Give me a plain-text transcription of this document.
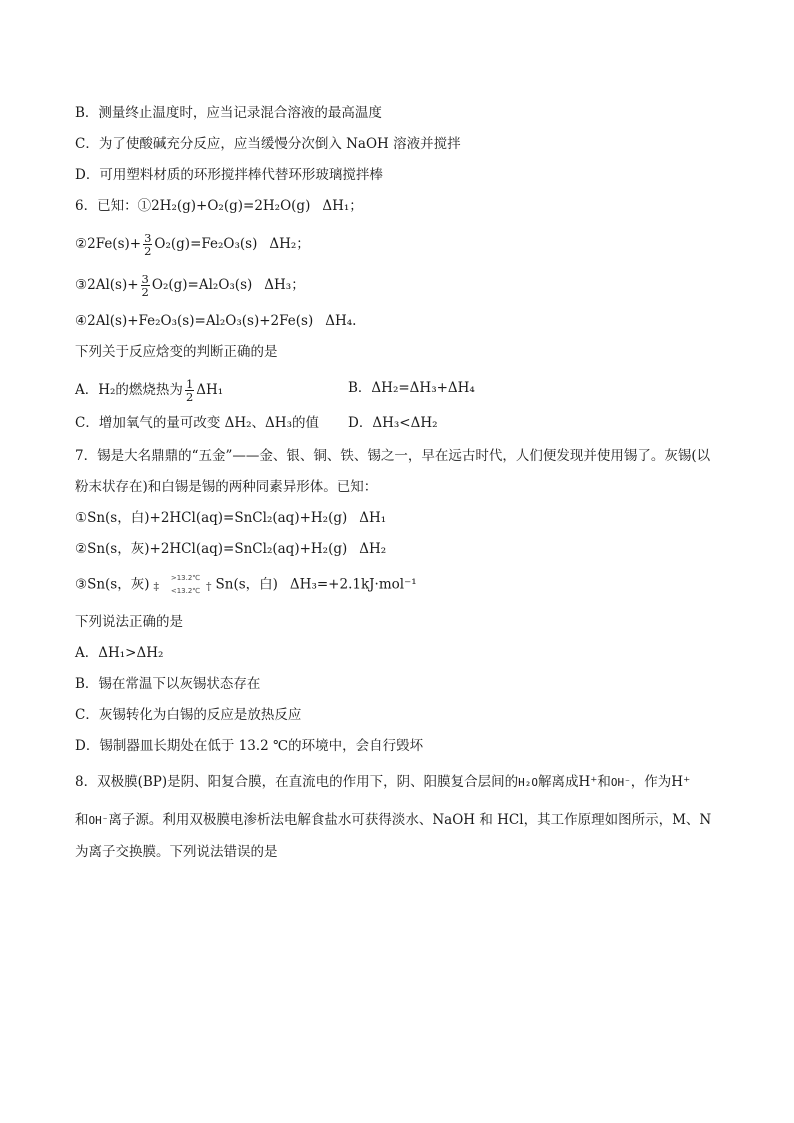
B．测量终止温度时，应当记录混合溶液的最高温度
C．为了使酸碱充分反应，应当缓慢分次倒入 NaOH 溶液并搅拌
D．可用塑料材质的环形搅拌棒代替环形玻璃搅拌棒
6．已知：①2H₂(g)+O₂(g)=2H₂O(g) ΔH₁；
②2Fe(s)+ $\frac{3}{2} O_2(g)=Fe_2O_3(s)$ ΔH₂；
③2Al(s)+ $\frac{3}{2} O_2(g)=Al_2O_3(s)$ ΔH₃；
④2Al(s)+Fe₂O₃(s)=Al₂O₃(s)+2Fe(s) ΔH₄.
下列关于反应焓变的判断正确的是
A．H₂的燃烧热为 $\frac{1}{2} \Delta H_1$	B．ΔH₂=ΔH₃+ΔH₄
C．增加氧气的量可改变 ΔH₂、ΔH₃的值 D．ΔH₃<ΔH₂
7．锡是大名鼎鼎的“五金”——金、银、铜、铁、锡之一，早在远古时代，人们便发现并使用锡了。灰锡(以
粉末状存在)和白锡是锡的两种同素异形体。已知：
①Sn(s，白)+2HCl(aq)=SnCl₂(aq)+H₂(g) ΔH₁
②Sn(s，灰)+2HCl(aq)=SnCl₂(aq)+H₂(g) ΔH₂
③Sn(s，灰) ‡
>13.2℃
<13.2℃ † Sn(s，白) ΔH₃=+2.1kJ·mol⁻¹
下列说法正确的是
A．ΔH₁>ΔH₂
B．锡在常温下以灰锡状态存在
C．灰锡转化为白锡的反应是放热反应
D．锡制器皿长期处在低于 13.2 ℃的环境中，会自行毁坏
8．双极膜(BP)是阴、阳复合膜，在直流电的作用下，阴、阳膜复合层间的H₂O解离成H⁺和OH⁻，作为H⁺
和OH⁻离子源。利用双极膜电渗析法电解食盐水可获得淡水、NaOH 和 HCl，其工作原理如图所示，M、N
为离子交换膜。下列说法错误的是
